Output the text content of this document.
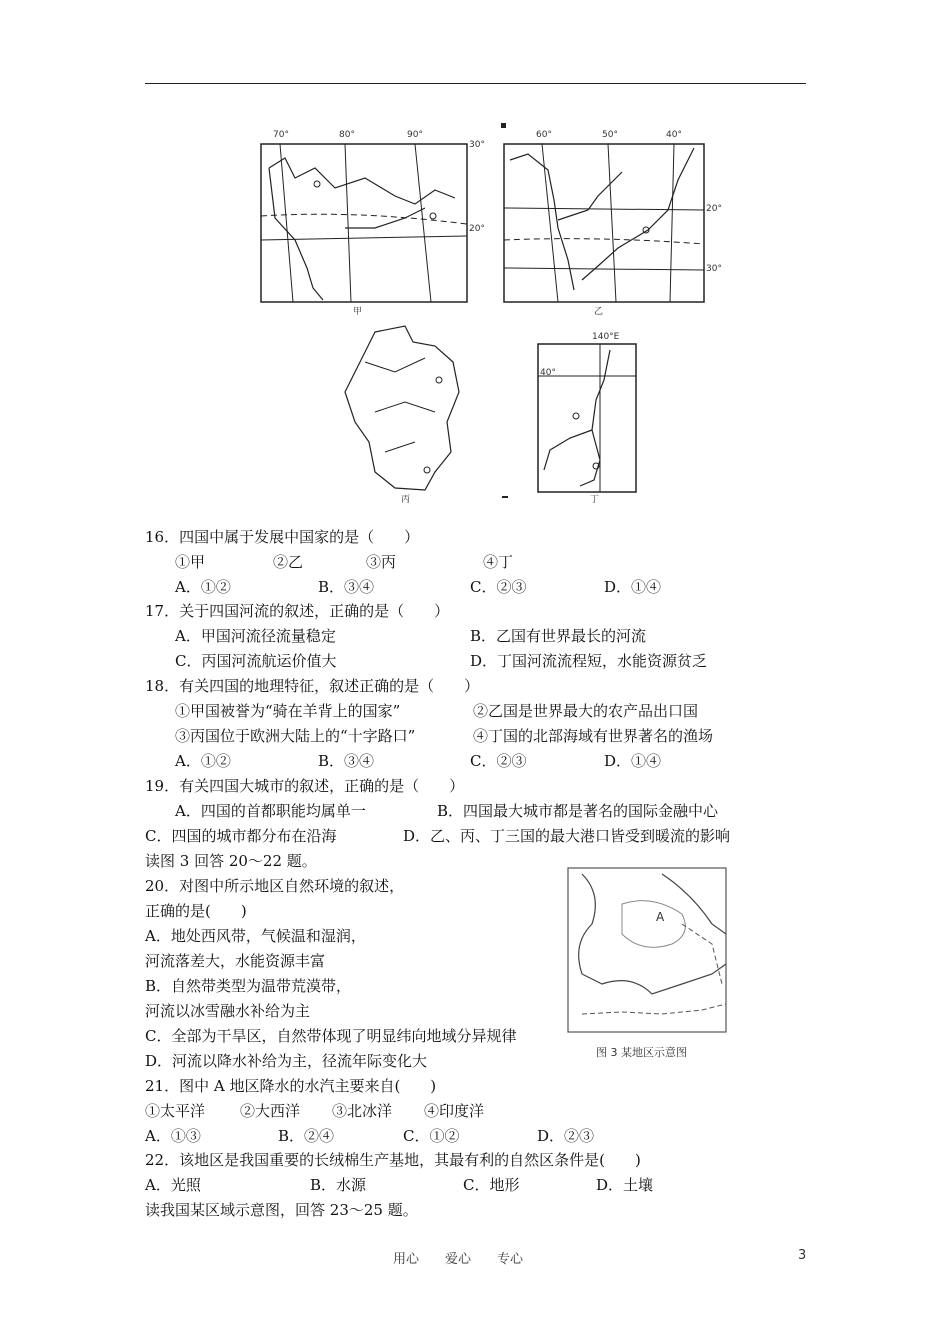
70°	80°	90°
30°
20°
甲
60°	50°	40°
20°
30°
乙
丙
140°E
40°
丁
16．四国中属于发展中国家的是（　　）
①甲	②乙	③丙	④丁
A．①②	B．③④	C．②③	D．①④
17．关于四国河流的叙述，正确的是（　　）
A．甲国河流径流量稳定	B．乙国有世界最长的河流
C．丙国河流航运价值大	D．丁国河流流程短，水能资源贫乏
18．有关四国的地理特征，叙述正确的是（　　）
①甲国被誉为“骑在羊背上的国家”	②乙国是世界最大的农产品出口国
③丙国位于欧洲大陆上的“十字路口”	④丁国的北部海域有世界著名的渔场
A．①②	B．③④	C．②③	D．①④
19．有关四国大城市的叙述，正确的是（　　）
A．四国的首都职能均属单一	B．四国最大城市都是著名的国际金融中心
C．四国的城市都分布在沿海	D．乙、丙、丁三国的最大港口皆受到暖流的影响
读图 3 回答 20～22 题。
20．对图中所示地区自然环境的叙述，
正确的是(　　)
A．地处西风带，气候温和湿润，
河流落差大，水能资源丰富
B．自然带类型为温带荒漠带，
河流以冰雪融水补给为主
C．全部为干旱区，自然带体现了明显纬向地域分异规律
D．河流以降水补给为主，径流年际变化大
A
图 3 某地区示意图
21．图中 A 地区降水的水汽主要来自(　　)
①太平洋 ②大西洋 ③北冰洋 ④印度洋
A．①③	B．②④	C．①②	D．②③
22．该地区是我国重要的长绒棉生产基地，其最有利的自然区条件是(　　)
A．光照	B．水源	C．地形	D．土壤
读我国某区域示意图，回答 23～25 题。
用心　　爱心　　专心	3
